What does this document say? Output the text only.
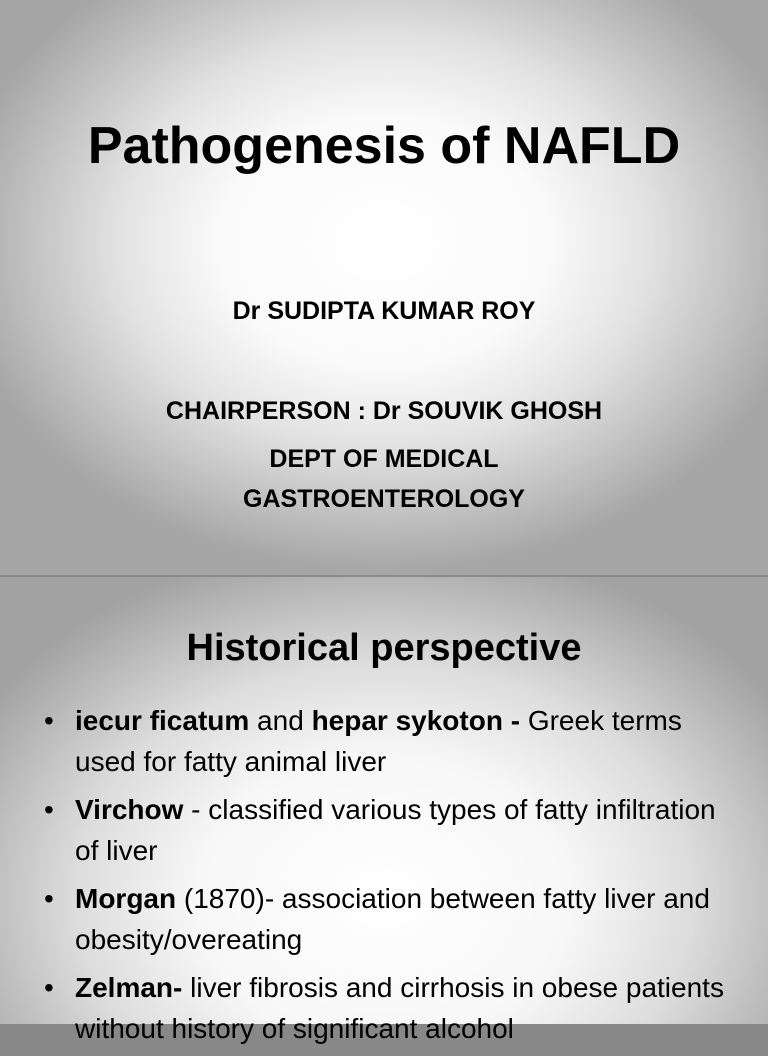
Pathogenesis of NAFLD
Dr SUDIPTA KUMAR ROY
CHAIRPERSON : Dr SOUVIK GHOSH
DEPT OF MEDICAL
GASTROENTEROLOGY
Historical perspective
• iecur ficatum and hepar sykoton - Greek terms used for fatty animal liver
• Virchow - classified various types of fatty infiltration of liver
• Morgan (1870)- association between fatty liver and obesity/overeating
• Zelman- liver fibrosis and cirrhosis in obese patients without history of significant alcohol
